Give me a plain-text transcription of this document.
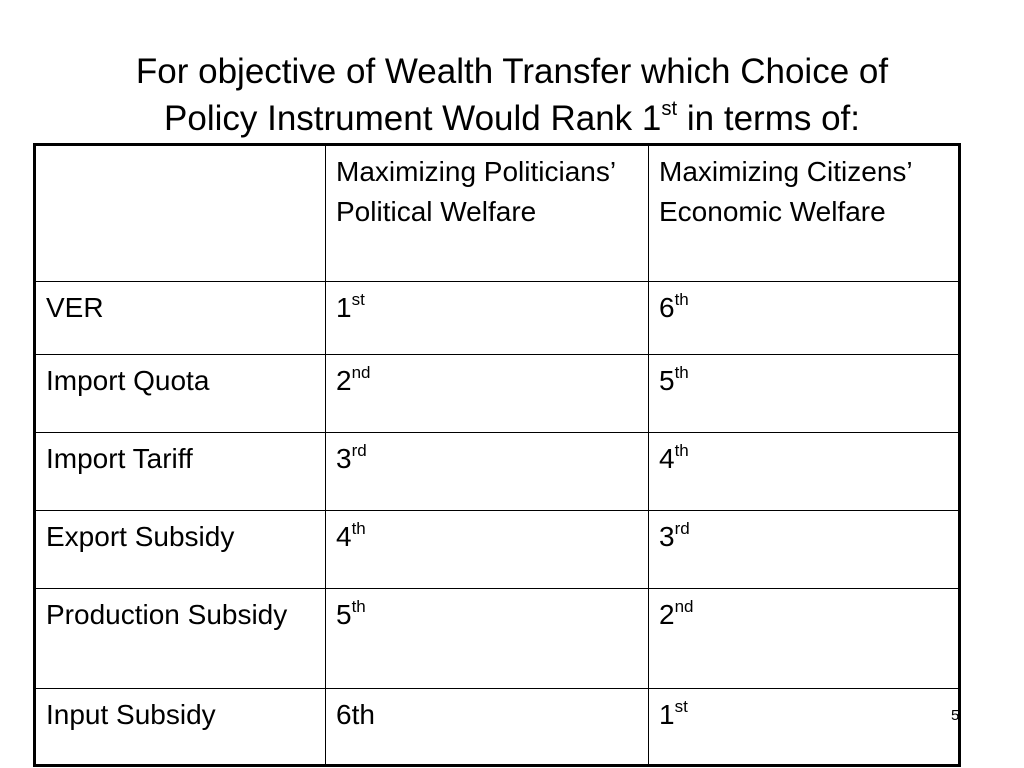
For objective of Wealth Transfer which Choice of
Policy Instrument Would Rank 1st in terms of:
	Maximizing Politicians’ Political Welfare	Maximizing Citizens’ Economic Welfare
VER	1st	6th
Import Quota	2nd	5th
Import Tariff	3rd	4th
Export Subsidy	4th	3rd
Production Subsidy	5th	2nd
Input Subsidy	6th	1st	5
